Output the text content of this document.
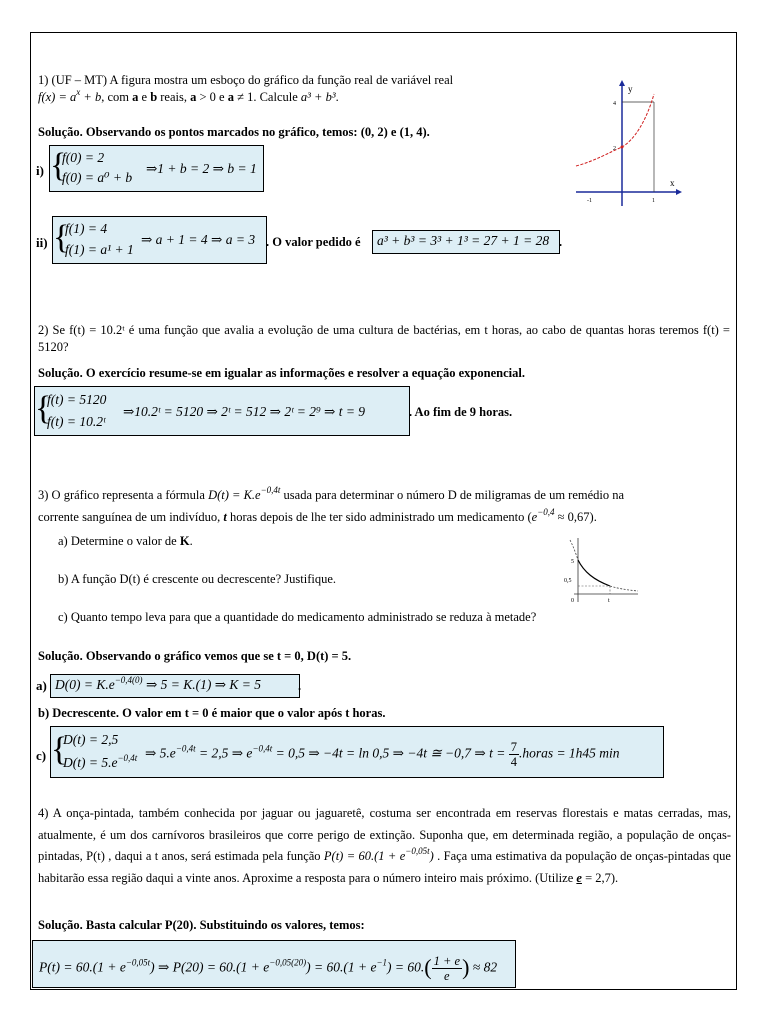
1) (UF – MT) A figura mostra um esboço do gráfico da função real de variável real
$f(x) = a^x + b$, com a e b reais, a > 0 e a ≠ 1. Calcule a³ + b³.
Solução. Observando os pontos marcados no gráfico, temos: (0, 2) e (1, 4).
i) {
f(0) = 2
f(0) = a⁰ + b
⇒1 + b = 2 ⇒ b = 1
ii) {
f(1) = 4
f(1) = a¹ + 1
⇒ a + 1 = 4 ⇒ a = 3 . O valor pedido é a³ + b³ = 3³ + 1³ = 27 + 1 = 28 .
y
x
4
2
-1	1
2) Se f(t) = 10.2ᵗ é uma função que avalia a evolução de uma cultura de bactérias, em t horas, ao cabo de quantas horas teremos f(t) = 5120?
Solução. O exercício resume-se em igualar as informações e resolver a equação exponencial.
{
f(t) = 5120
f(t) = 10.2ᵗ
⇒10.2ᵗ = 5120 ⇒ 2ᵗ = 512 ⇒ 2ᵗ = 2⁹ ⇒ t = 9	. Ao fim de 9 horas.
3) O gráfico representa a fórmula $D(t) = K.e^{-0,4t}$ usada para determinar o número D de miligramas de um remédio na
corrente sanguínea de um indivíduo, t horas depois de lhe ter sido administrado um medicamento $(e^{-0,4} \approx 0,67)$.
a) Determine o valor de K.
b) A função D(t) é crescente ou decrescente? Justifique.
c) Quanto tempo leva para que a quantidade do medicamento administrado se reduza à metade?
5
0,5
0	t
Solução. Observando o gráfico vemos que se t = 0, D(t) = 5.
a) $D(0) = K.e^{-0,4(0)}$ ⇒ 5 = K.(1) ⇒ K = 5	.
b) Decrescente. O valor em t = 0 é maior que o valor após t horas.
c) {
D(t) = 2,5
$D(t) = 5.e^{-0,4t}$ ⇒ $5.e^{-0,4t} = 2,5$ ⇒ $e^{-0,4t} = 0,5$ ⇒ −4t = ln 0,5 ⇒ −4t ≅ −0,7 ⇒ $t = \frac{7}{4}$ .horas = 1h45 min
4) A onça-pintada, também conhecida por jaguar ou jaguaretê, costuma ser encontrada em reservas florestais e matas cerradas, mas, atualmente, é um dos carnívoros brasileiros que corre perigo de extinção. Suponha que, em determinada região, a população de onças-pintadas, P(t) , daqui a t anos, será estimada pela função $P(t) = 60.(1 + e^{-0,05t})$ . Faça uma estimativa da população de onças-pintadas que habitarão essa região daqui a vinte anos. Aproxime a resposta para o número inteiro mais próximo. (Utilize e = 2,7).
Solução. Basta calcular P(20). Substituindo os valores, temos:
$P(t) = 60.(1 + e^{-0,05t})$ ⇒ $P(20) = 60.(1 + e^{-0,05(20)}) = 60.(1 + e^{-1}) = 60.( \frac{1 + e}{e}$ ) ≈ 82
